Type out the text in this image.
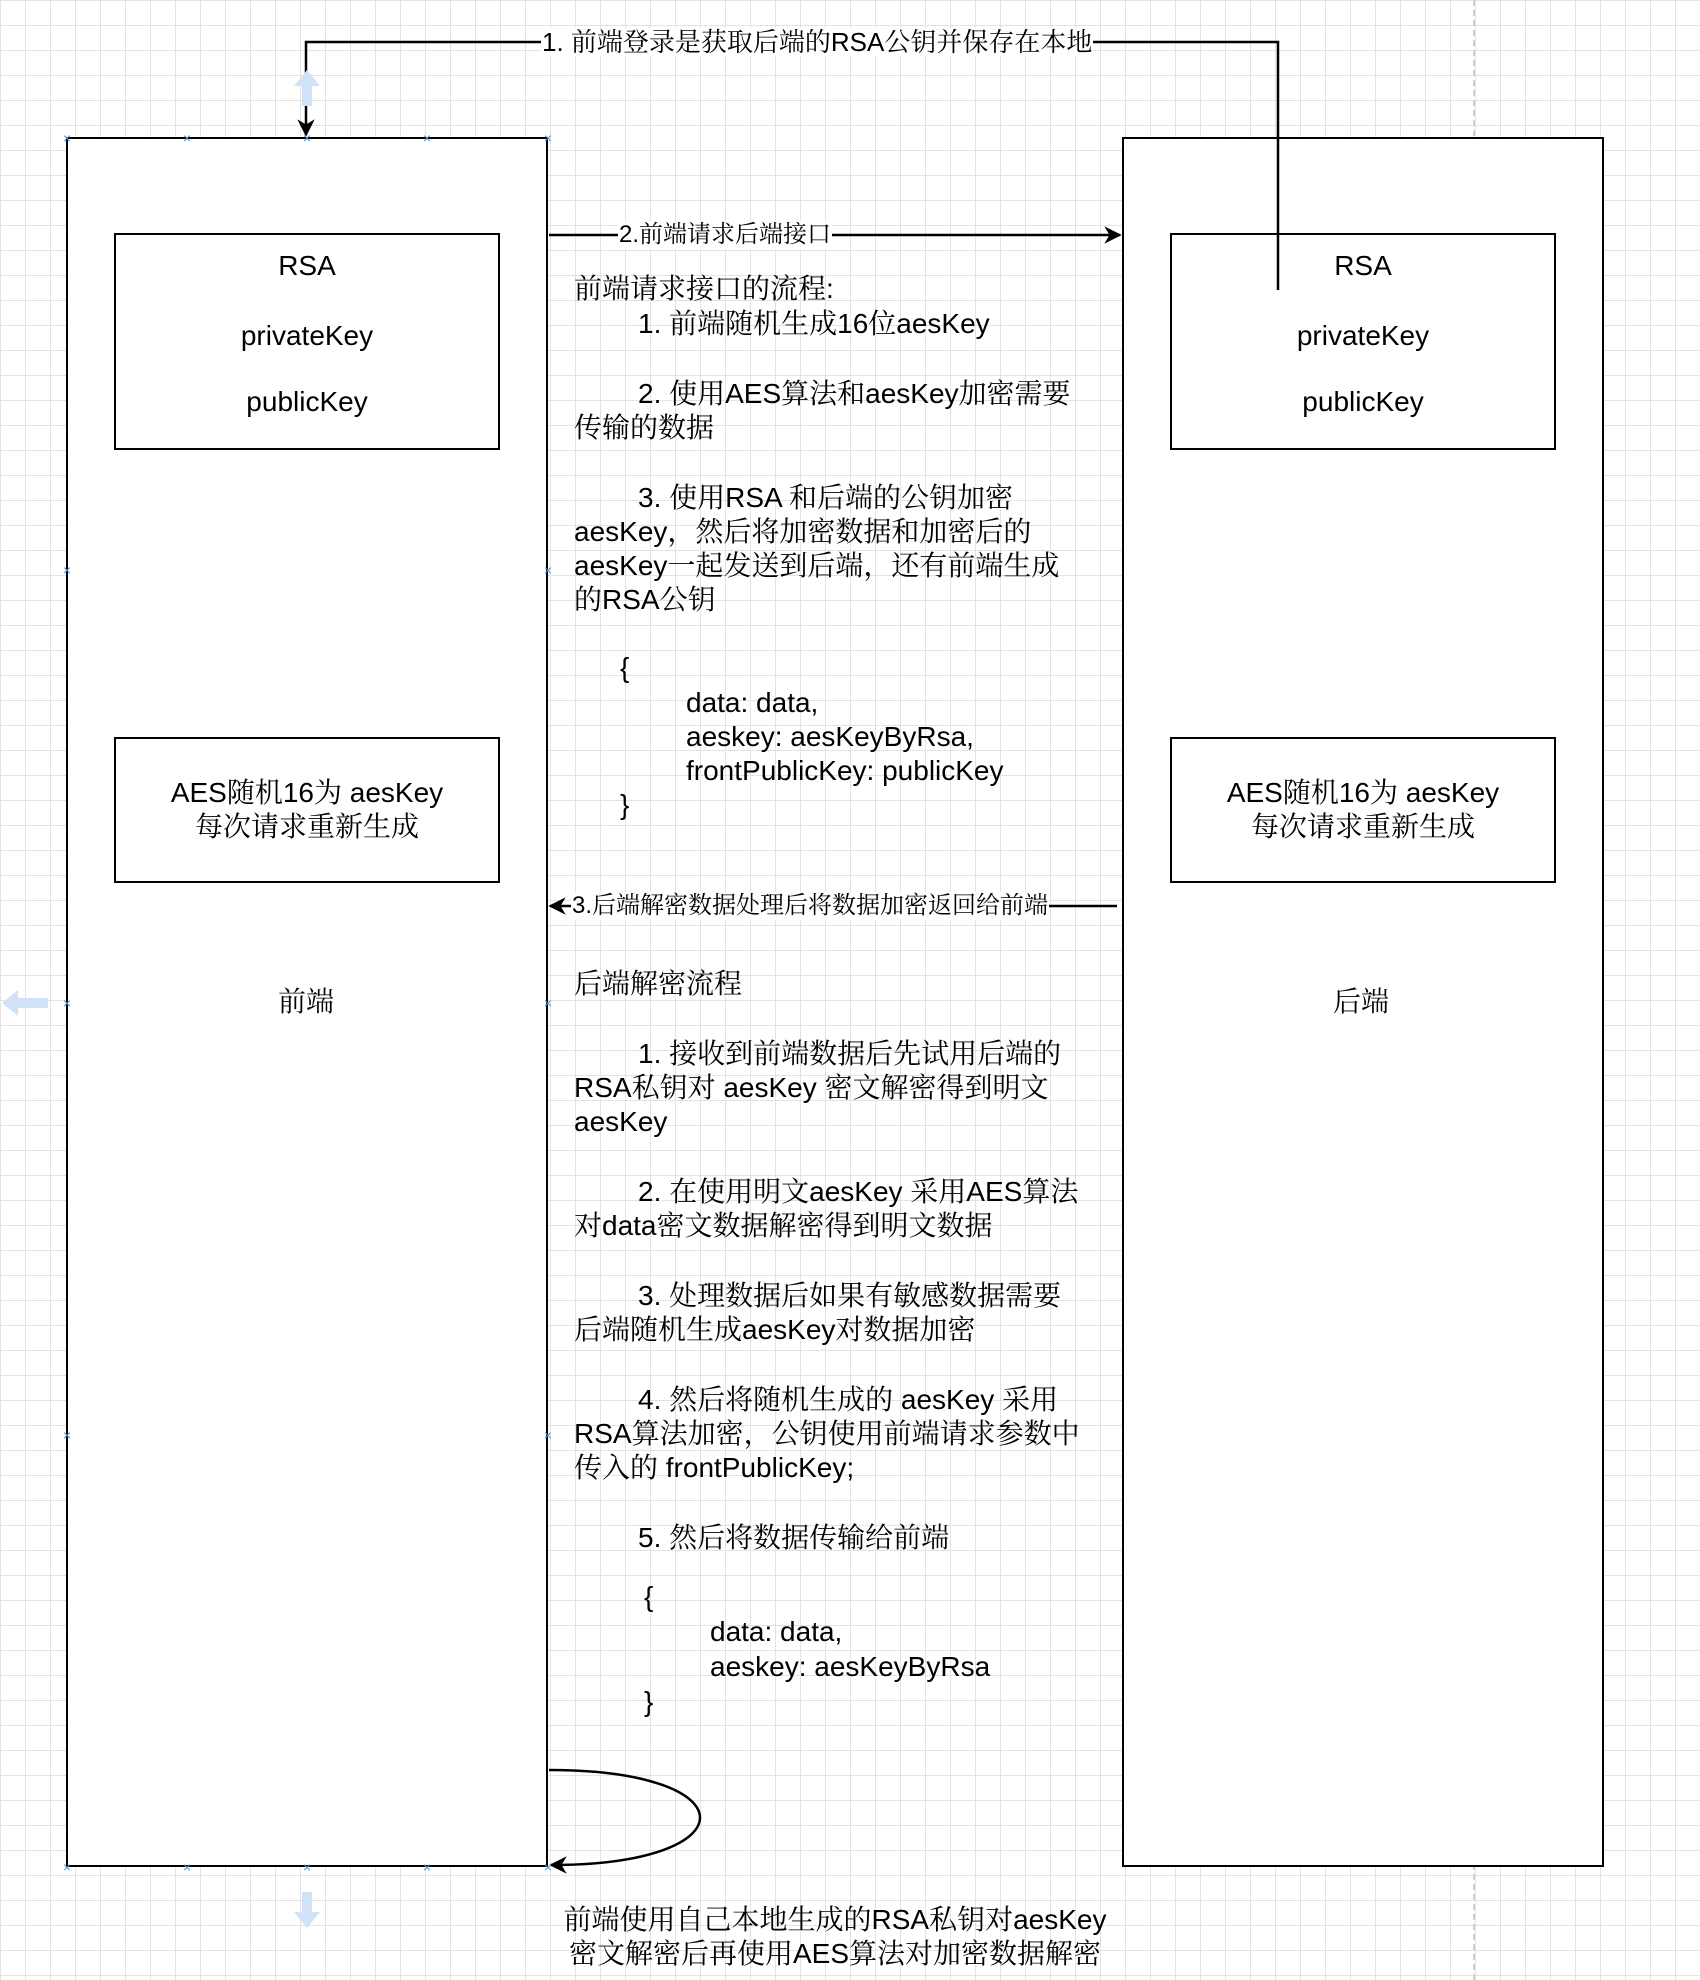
RSA
privateKey
publicKey
AES随机16为 aesKey
每次请求重新生成
前端
RSA
privateKey
publicKey
AES随机16为 aesKey
每次请求重新生成
后端
1. 前端登录是获取后端的RSA公钥并保存在本地
2.前端请求后端接口
3.后端解密数据处理后将数据加密返回给前端
前端请求接口的流程:
1. 前端随机生成16位aesKey
2. 使用AES算法和aesKey加密需要
传输的数据
3. 使用RSA 和后端的公钥加密
aesKey，然后将加密数据和加密后的
aesKey一起发送到后端，还有前端生成
的RSA公钥
{
data: data,
aeskey: aesKeyByRsa,
frontPublicKey: publicKey
}
后端解密流程
1. 接收到前端数据后先试用后端的
RSA私钥对 aesKey 密文解密得到明文
aesKey
2. 在使用明文aesKey 采用AES算法
对data密文数据解密得到明文数据
3. 处理数据后如果有敏感数据需要
后端随机生成aesKey对数据加密
4. 然后将随机生成的 aesKey 采用
RSA算法加密，公钥使用前端请求参数中
传入的 frontPublicKey;
5. 然后将数据传输给前端
{
data: data,
aeskey: aesKeyByRsa
}
前端使用自己本地生成的RSA私钥对aesKey
密文解密后再使用AES算法对加密数据解密
×	×	×	×	×
×	×
×	×
×	×
×	×	×	×	×
